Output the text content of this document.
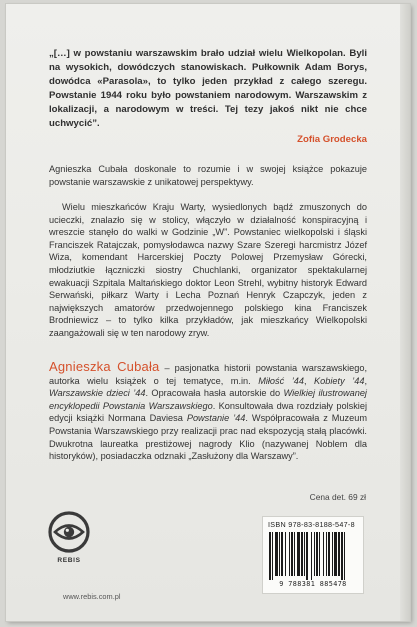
„[…] w powstaniu warszawskim brało udział wielu Wielkopolan. Byli na wysokich, dowódczych stanowiskach. Pułkownik Adam Borys, dowódca «Parasola», to tylko jeden przykład z całego szeregu. Powstanie 1944 roku było powstaniem narodowym. Warszawskim z lokalizacji, a narodowym w treści. Tej tezy jakoś nikt nie chce uchwycić”.
Zofia Grodecka

Agnieszka Cubała doskonale to rozumie i w swojej książce pokazuje powstanie warszawskie z unikatowej perspektywy.

Wielu mieszkańców Kraju Warty, wysiedlonych bądź zmuszonych do ucieczki, znalazło się w stolicy, włączyło w działalność konspiracyjną i wreszcie stanęło do walki w Godzinie „W”. Powstaniec wielkopolski i śląski Franciszek Ratajczak, pomysłodawca nazwy Szare Szeregi harcmistrz Józef Wiza, komendant Harcerskiej Poczty Polowej Przemysław Górecki, młodziutkie łączniczki siostry Chuchlanki, organizator spektakularnej ewakuacji Szpitala Maltańskiego doktor Leon Strehl, wybitny historyk Edward Serwański, piłkarz Warty i Lecha Poznań Henryk Czapczyk, jeden z największych amatorów przedwojennego polskiego kina Franciszek Brodniewicz – to tylko kilka przykładów, jak mieszkańcy Wielkopolski zaangażowali się w ten narodowy zryw.

Agnieszka Cubała – pasjonatka historii powstania warszawskiego, autorka wielu książek o tej tematyce, m.in. Miłość ’44, Kobiety ’44, Warszawskie dzieci ’44. Opracowała hasła autorskie do Wielkiej ilustrowanej encyklopedii Powstania Warszawskiego. Konsultowała dwa rozdziały polskiej edycji książki Normana Daviesa Powstanie ’44. Współpracowała z Muzeum Powstania Warszawskiego przy realizacji prac nad ekspozycją stałą placówki. Dwukrotna laureatka prestiżowej nagrody Klio (nazywanej Noblem dla historyków), posiadaczka odznaki „Zasłużony dla Warszawy”.
Cena det. 69 zł
ISBN 978-83-8188-547-8
9 788381 885478
REBIS
www.rebis.com.pl
